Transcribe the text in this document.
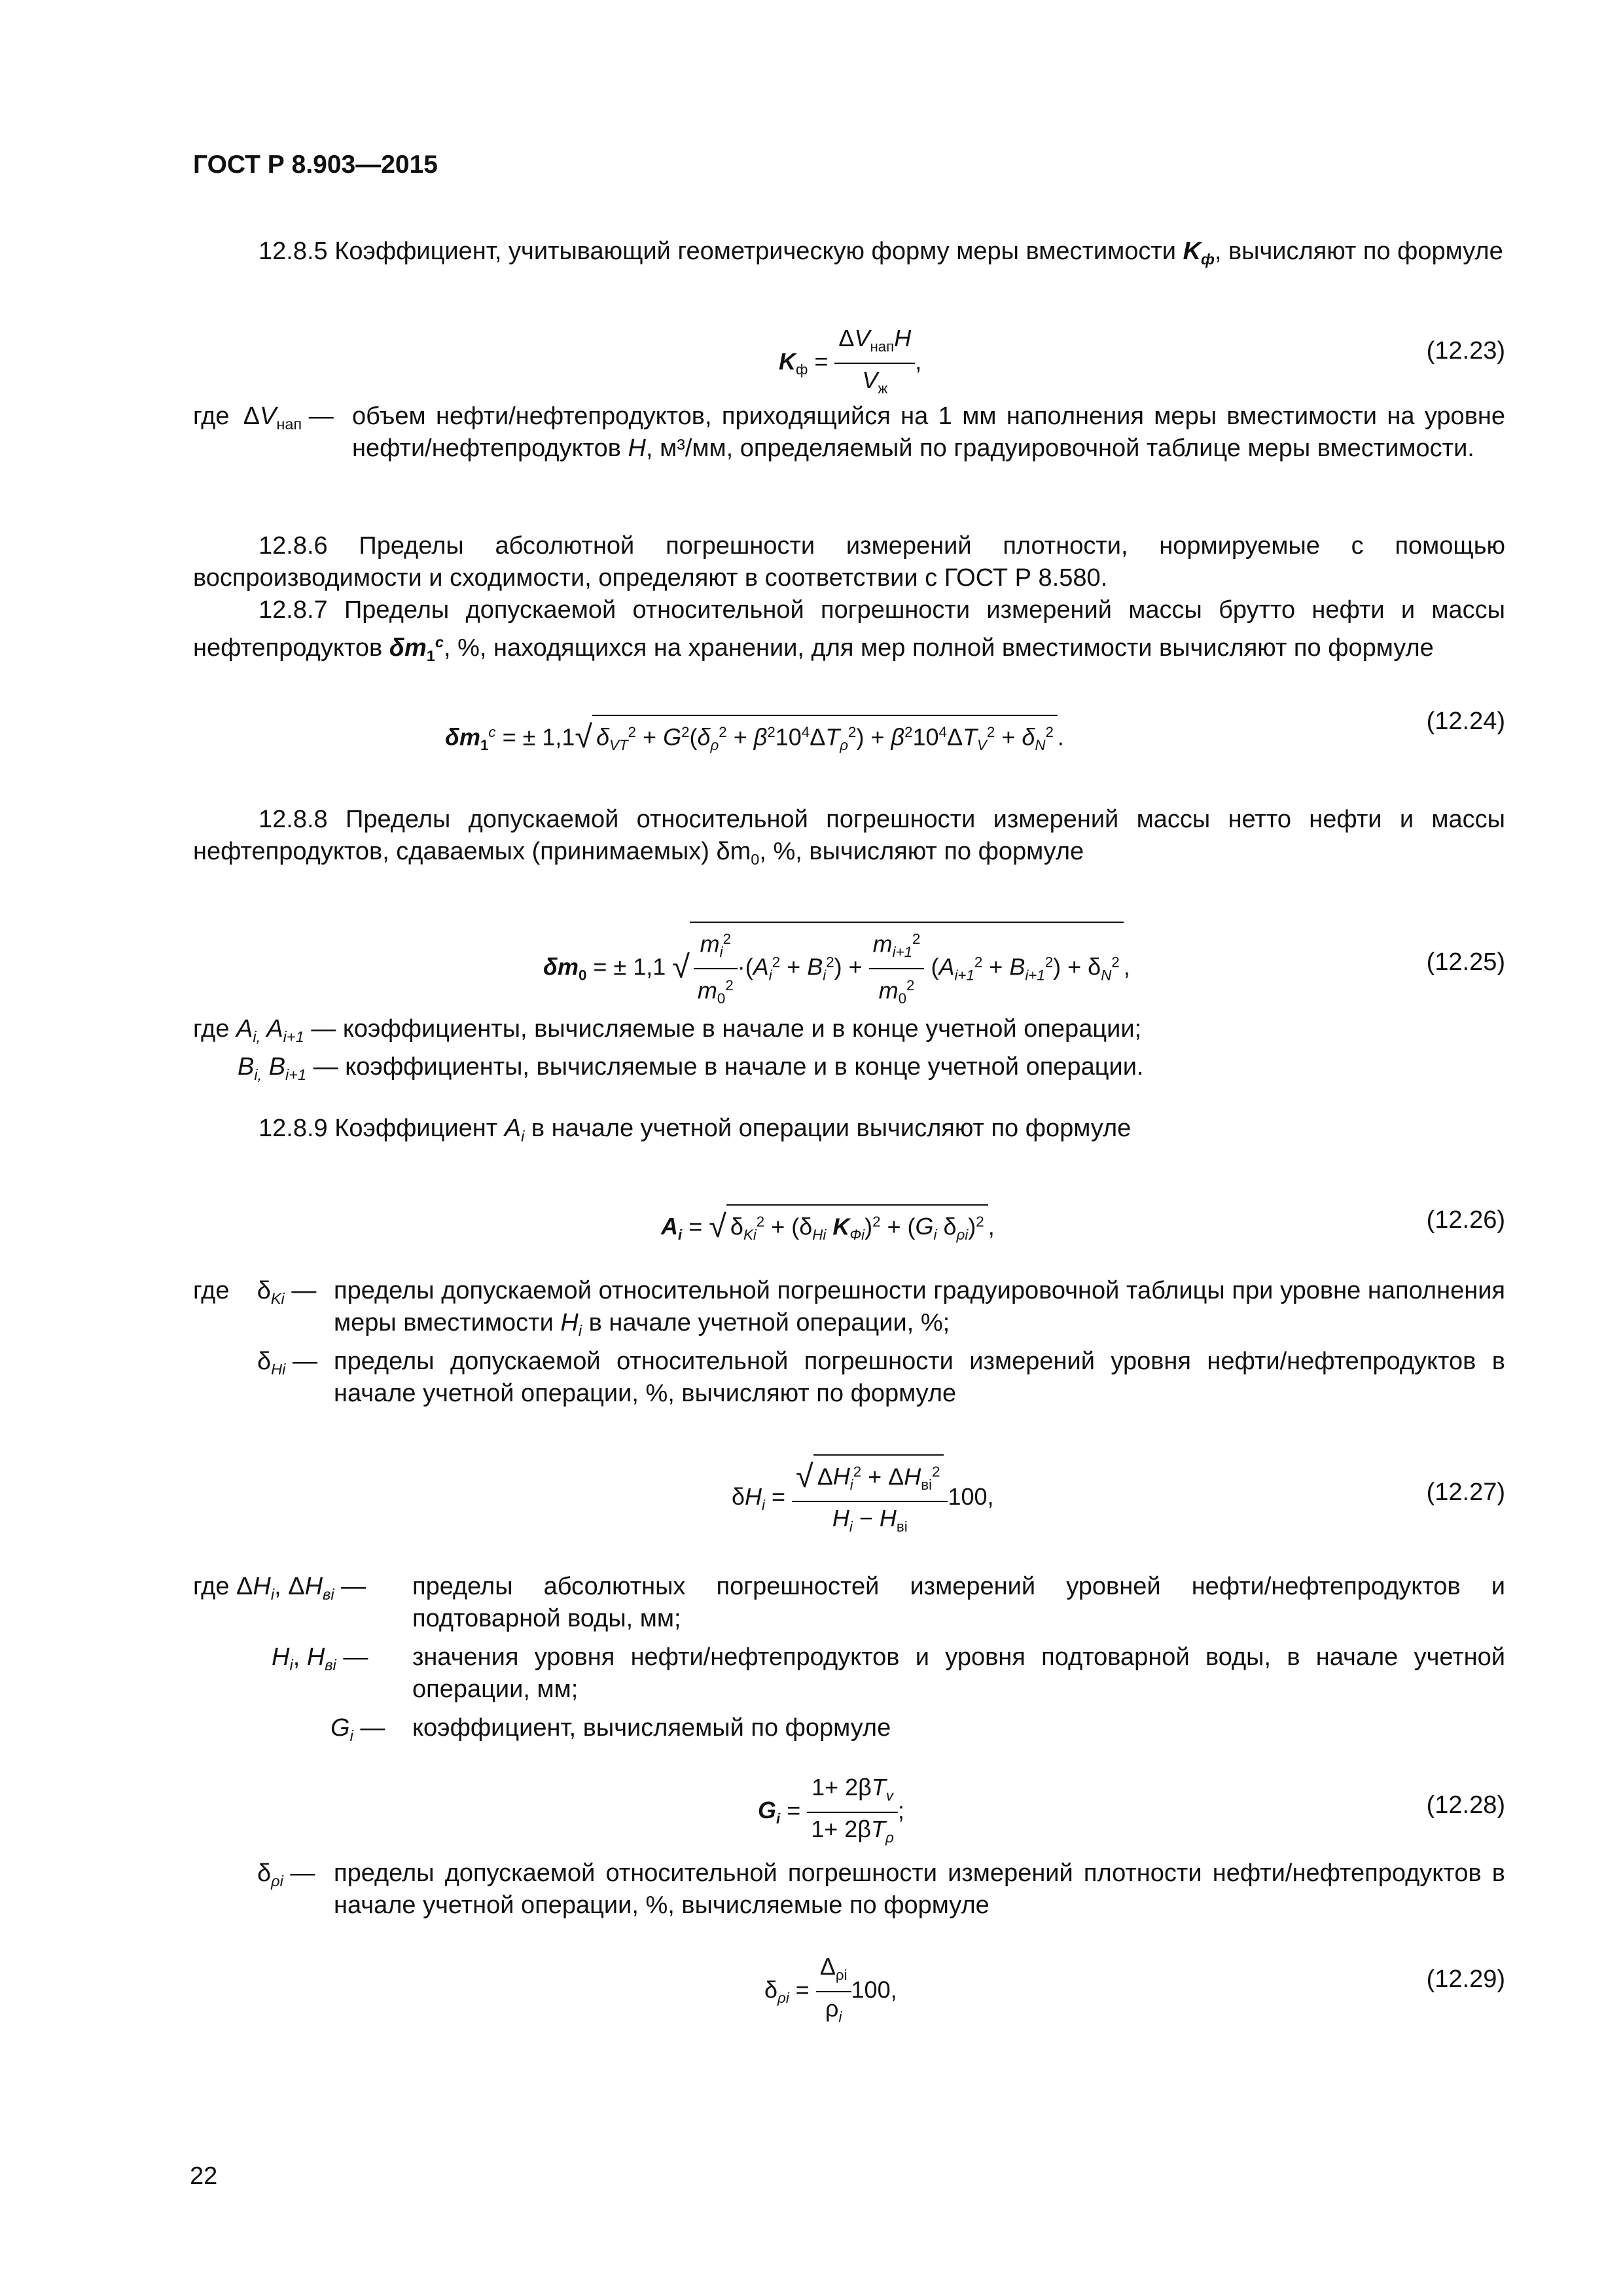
ГОСТ Р 8.903—2015
12.8.5 Коэффициент, учитывающий геометрическую форму меры вместимости $K_ф$, вычисляют по формуле
$K_ф = \frac{\Delta V_{нап}H}{V_ж}$ ,	(12.23)
где  $\Delta V_{нап}$ — объем нефти/нефтепродуктов, приходящийся на 1 мм наполнения меры вместимости на уровне нефти/нефтепродуктов H, м³/мм, определяемый по градуировочной таблице меры вместимости.
12.8.6 Пределы абсолютной погрешности измерений плотности, нормируемые с помощью воспроизводимости и сходимости, определяют в соответствии с ГОСТ Р 8.580.
12.8.7 Пределы допускаемой относительной погрешности измерений массы брутто нефти и массы нефтепродуктов $\delta m_1^c$, %, находящихся на хранении, для мер полной вместимости вычисляют по формуле
$\delta m_1^c$ = ± 1,1√ $\delta_{VT}^2 + G^2(\delta_\rho^2 + \beta^210^4\Delta T_\rho^2) + \beta^210^4\Delta T_V^2 + \delta_N^2$ .
(12.24)
12.8.8 Пределы допускаемой относительной погрешности измерений массы нетто нефти и массы нефтепродуктов, сдаваемых (принимаемых) $\delta m_0$, %, вычисляют по формуле
$\delta m_0$ = ± 1,1 √ $\frac{m_i^2}{m_0^2} \cdot(A_i^2 + B_i^2) + \frac{m_{i+1}^2}{m_0^2} (A_{i+1}^2 + B_{i+1}^2) + \delta_N^2$ ,	(12.25)
где $A_{i,}$ $A_{i+1}$ — коэффициенты, вычисляемые в начале и в конце учетной операции;
$B_{i,}$ $B_{i+1}$ — коэффициенты, вычисляемые в начале и в конце учетной операции.
12.8.9 Коэффициент $A_i$ в начале учетной операции вычисляют по формуле
$A_i$ = √ $\delta_{Ki}^2 + (\delta_{Hi}$ $K_{Фi})^2 + (G_i$ $\delta_{\rho i})^2$ ,	(12.26)
где    $\delta_{Ki}$ — пределы допускаемой относительной погрешности градуировочной таблицы при уровне наполнения меры вместимости $H_i$ в начале учетной операции, %;
$\delta_{Hi}$ — пределы допускаемой относительной погрешности измерений уровня нефти/нефтепродуктов в начале учетной операции, %, вычисляют по формуле
$\delta H_i = \frac{√ \Delta H_i^2 + \Delta H_{вi}^2}{H_i - H_{вi}} 100$,	(12.27)
где $\Delta H_i$, $\Delta H_{вi}$ — пределы абсолютных погрешностей измерений уровней нефти/нефтепродуктов и подтоварной воды, мм;
$H_i$, $H_{вi}$ — значения уровня нефти/нефтепродуктов и уровня подтоварной воды, в начале учетной операции, мм;
$G_i$ — коэффициент, вычисляемый по формуле
$G_i = \frac{1+ 2\beta T_v}{1+ 2\beta T_\rho}$ ;	(12.28)
$\delta_{\rho i}$ — пределы допускаемой относительной погрешности измерений плотности нефти/нефтепродуктов в начале учетной операции, %, вычисляемые по формуле
$\delta_{\rho i} = \frac{\Delta_{\rho i}}{\rho_i} 100$,	(12.29)
22
